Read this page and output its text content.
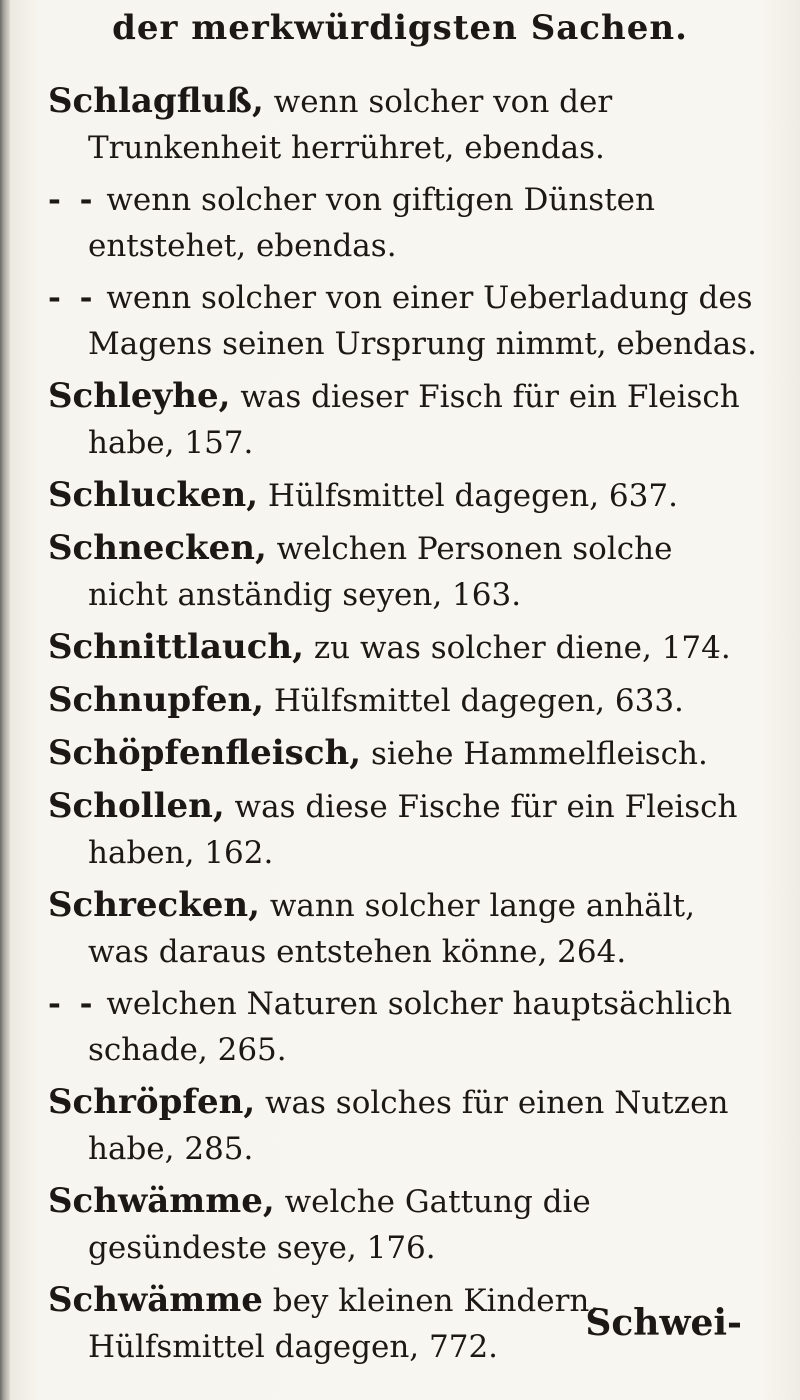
der merkwürdigsten Sachen.
Schlagfluß, wenn solcher von der Trunkenheit herrühret, ebendas.
- - wenn solcher von giftigen Dünsten entstehet, ebendas.
- - wenn solcher von einer Ueberladung des Magens seinen Ursprung nimmt, ebendas.
Schleyhe, was dieser Fisch für ein Fleisch habe, 157.
Schlucken, Hülfsmittel dagegen, 637.
Schnecken, welchen Personen solche nicht anständig seyen, 163.
Schnittlauch, zu was solcher diene, 174.
Schnupfen, Hülfsmittel dagegen, 633.
Schöpfenfleisch, siehe Hammelfleisch.
Schollen, was diese Fische für ein Fleisch haben, 162.
Schrecken, wann solcher lange anhält, was daraus entstehen könne, 264.
- - welchen Naturen solcher hauptsächlich schade, 265.
Schröpfen, was solches für einen Nutzen habe, 285.
Schwämme, welche Gattung die gesündeste seye, 176.
Schwämme bey kleinen Kindern, Hülfsmittel dagegen, 772.
Schwei-
